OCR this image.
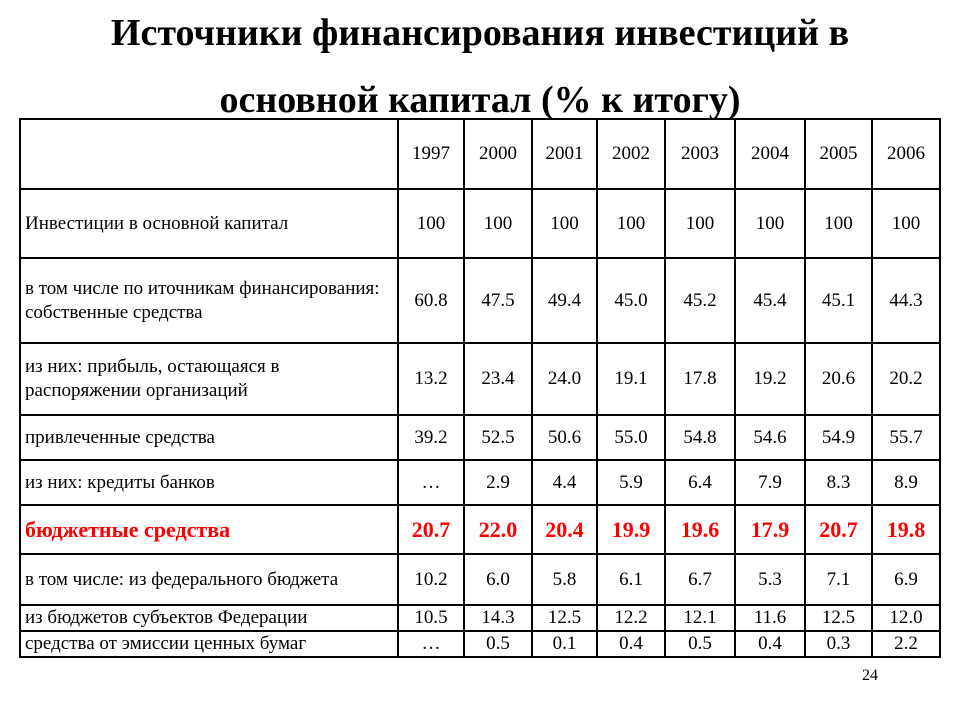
Источники финансирования инвестиций в
основной капитал (% к итогу)
	1997	2000	2001	2002	2003	2004	2005	2006
Инвестиции в основной капитал	100	100	100	100	100	100	100	100
в том числе по иточникам финансирования: собственные средства	60.8	47.5	49.4	45.0	45.2	45.4	45.1	44.3
из них: прибыль, остающаяся в распоряжении организаций	13.2	23.4	24.0	19.1	17.8	19.2	20.6	20.2
привлеченные средства	39.2	52.5	50.6	55.0	54.8	54.6	54.9	55.7
из них: кредиты банков	…	2.9	4.4	5.9	6.4	7.9	8.3	8.9
бюджетные средства	20.7	22.0	20.4	19.9	19.6	17.9	20.7	19.8
в том числе: из федерального бюджета	10.2	6.0	5.8	6.1	6.7	5.3	7.1	6.9
из бюджетов субъектов Федерации	10.5	14.3	12.5	12.2	12.1	11.6	12.5	12.0
средства от эмиссии ценных бумаг	…	0.5	0.1	0.4	0.5	0.4	0.3	2.2
24
